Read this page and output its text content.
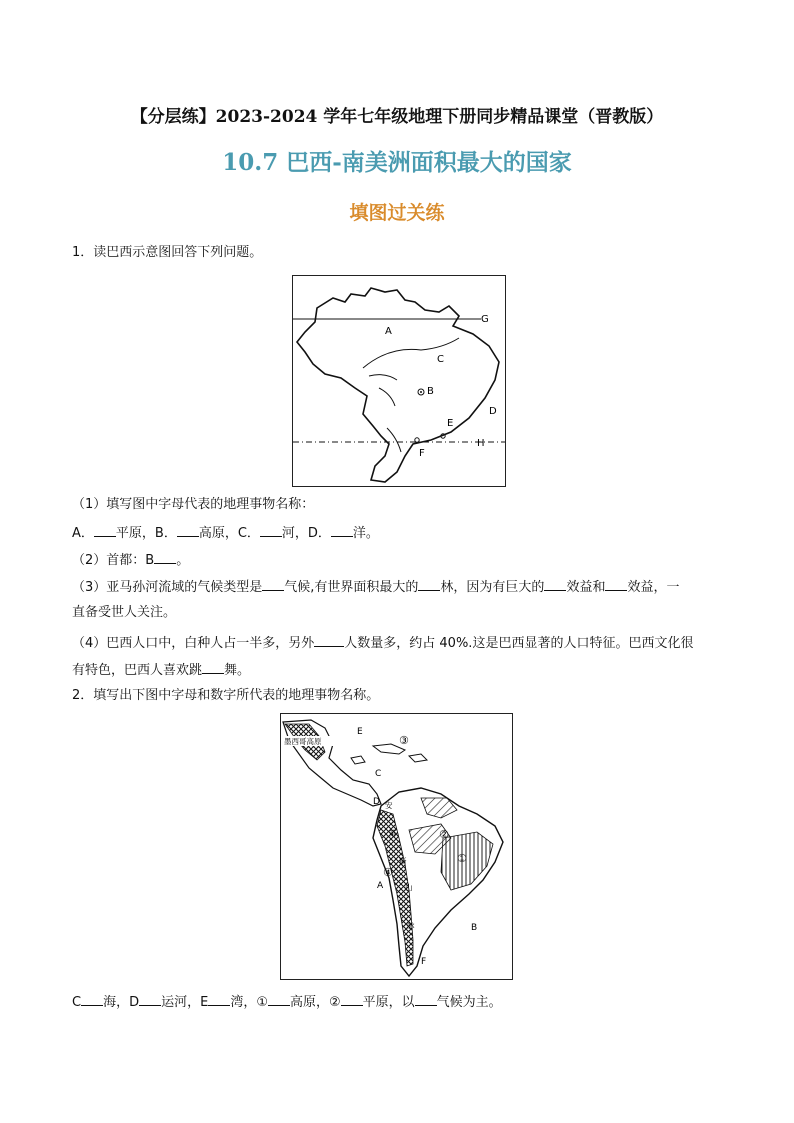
【分层练】2023-2024 学年七年级地理下册同步精品课堂（晋教版）
10.7 巴西-南美洲面积最大的国家
填图过关练
1．读巴西示意图回答下列问题。
A
B
C
D
E
F
G
H
（1）填写图中字母代表的地理事物名称：
A． 平原，B． 高原，C． 河，D． 洋。
（2）首都：B 。
（3）亚马孙河流域的气候类型是 气候,有世界面积最大的 林，因为有巨大的 效益和 效益，一
直备受世人关注。
（4）巴西人口中，白种人占一半多，另外 人数量多，约占 40%.这是巴西显著的人口特征。巴西文化很
有特色，巴西人喜欢跳 舞。
2．填写出下图中字母和数字所代表的地理事物名称。
墨西哥高原
E
③
C
D 安
第	②
①
斯
④
A	山
脉	B
F
C 海，D 运河，E 湾，① 高原，② 平原，以 气候为主。
